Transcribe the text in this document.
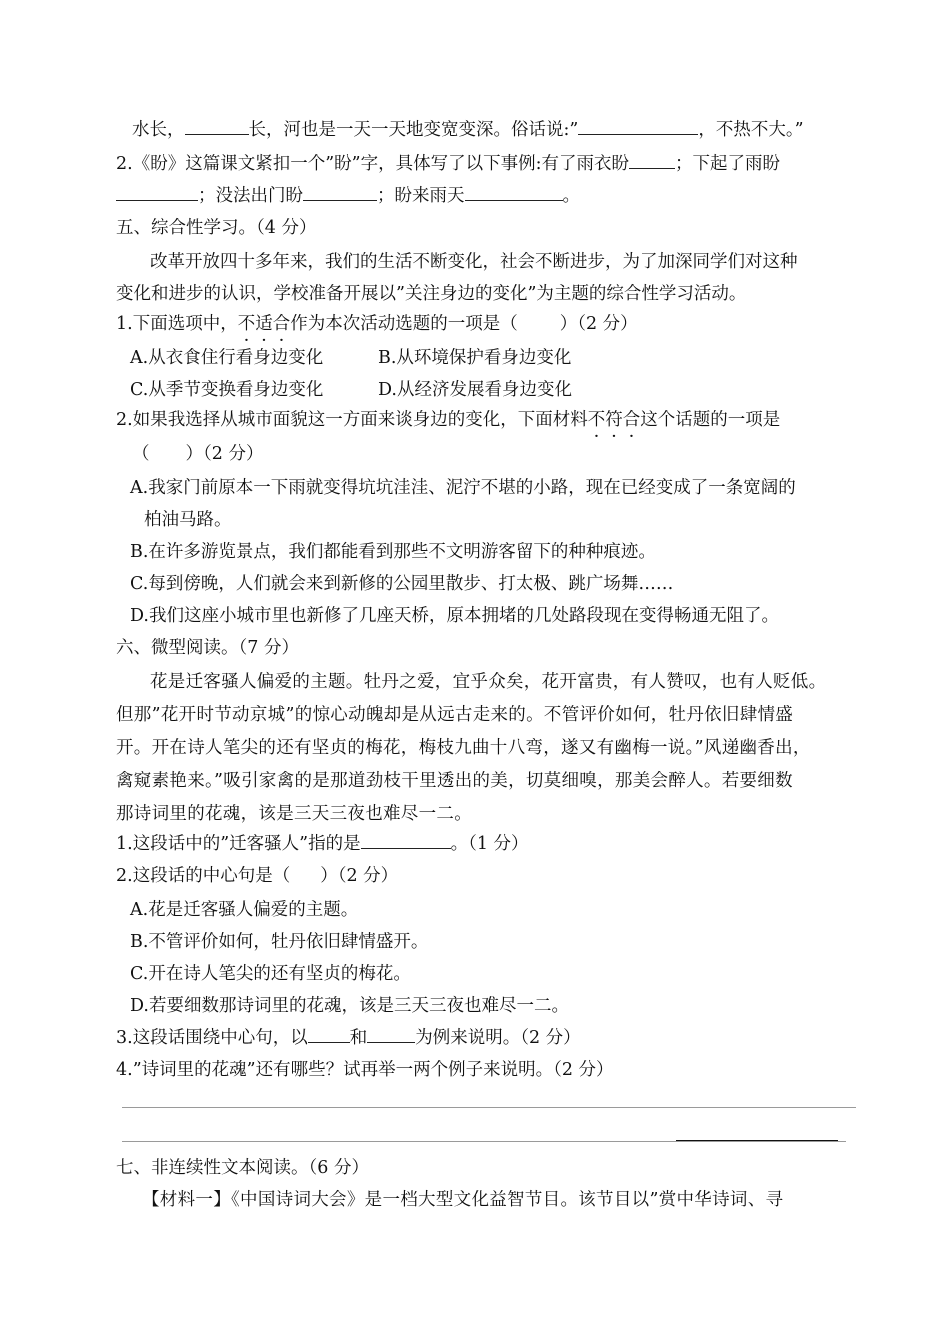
水长，	长，河也是一天一天地变宽变深。俗话说:”	，不热不大。”
2.《盼》这篇课文紧扣一个”盼”字，具体写了以下事例:有了雨衣盼	；下起了雨盼
；没法出门盼	；盼来雨天	。
五、综合性学习。（4 分）
改革开放四十多年来，我们的生活不断变化，社会不断进步，为了加深同学们对这种
变化和进步的认识，学校准备开展以”关注身边的变化”为主题的综合性学习活动。
1.下面选项中，不适合作为本次活动选题的一项是（ ）（2 分）
A.从衣食住行看身边变化	B.从环境保护看身边变化
C.从季节变换看身边变化	D.从经济发展看身边变化
2.如果我选择从城市面貌这一方面来谈身边的变化，下面材料不符合这个话题的一项是
（ ）（2 分）
A.我家门前原本一下雨就变得坑坑洼洼、泥泞不堪的小路，现在已经变成了一条宽阔的
柏油马路。
B.在许多游览景点，我们都能看到那些不文明游客留下的种种痕迹。
C.每到傍晚，人们就会来到新修的公园里散步、打太极、跳广场舞……
D.我们这座小城市里也新修了几座天桥，原本拥堵的几处路段现在变得畅通无阻了。
六、微型阅读。（7 分）
花是迁客骚人偏爱的主题。牡丹之爱，宜乎众矣，花开富贵，有人赞叹，也有人贬低。
但那”花开时节动京城”的惊心动魄却是从远古走来的。不管评价如何，牡丹依旧肆情盛
开。开在诗人笔尖的还有坚贞的梅花，梅枝九曲十八弯，遂又有幽梅一说。”风递幽香出，
禽窥素艳来。”吸引家禽的是那道劲枝干里透出的美，切莫细嗅，那美会醉人。若要细数
那诗词里的花魂，该是三天三夜也难尽一二。
1.这段话中的”迁客骚人”指的是	。（1 分）
2.这段话的中心句是（ ）（2 分）
A.花是迁客骚人偏爱的主题。
B.不管评价如何，牡丹依旧肆情盛开。
C.开在诗人笔尖的还有坚贞的梅花。
D.若要细数那诗词里的花魂，该是三天三夜也难尽一二。
3.这段话围绕中心句，以 和	为例来说明。（2 分）
4.”诗词里的花魂”还有哪些？试再举一两个例子来说明。（2 分）
七、非连续性文本阅读。（6 分）
【材料一】《中国诗词大会》是一档大型文化益智节目。该节目以”赏中华诗词、寻
